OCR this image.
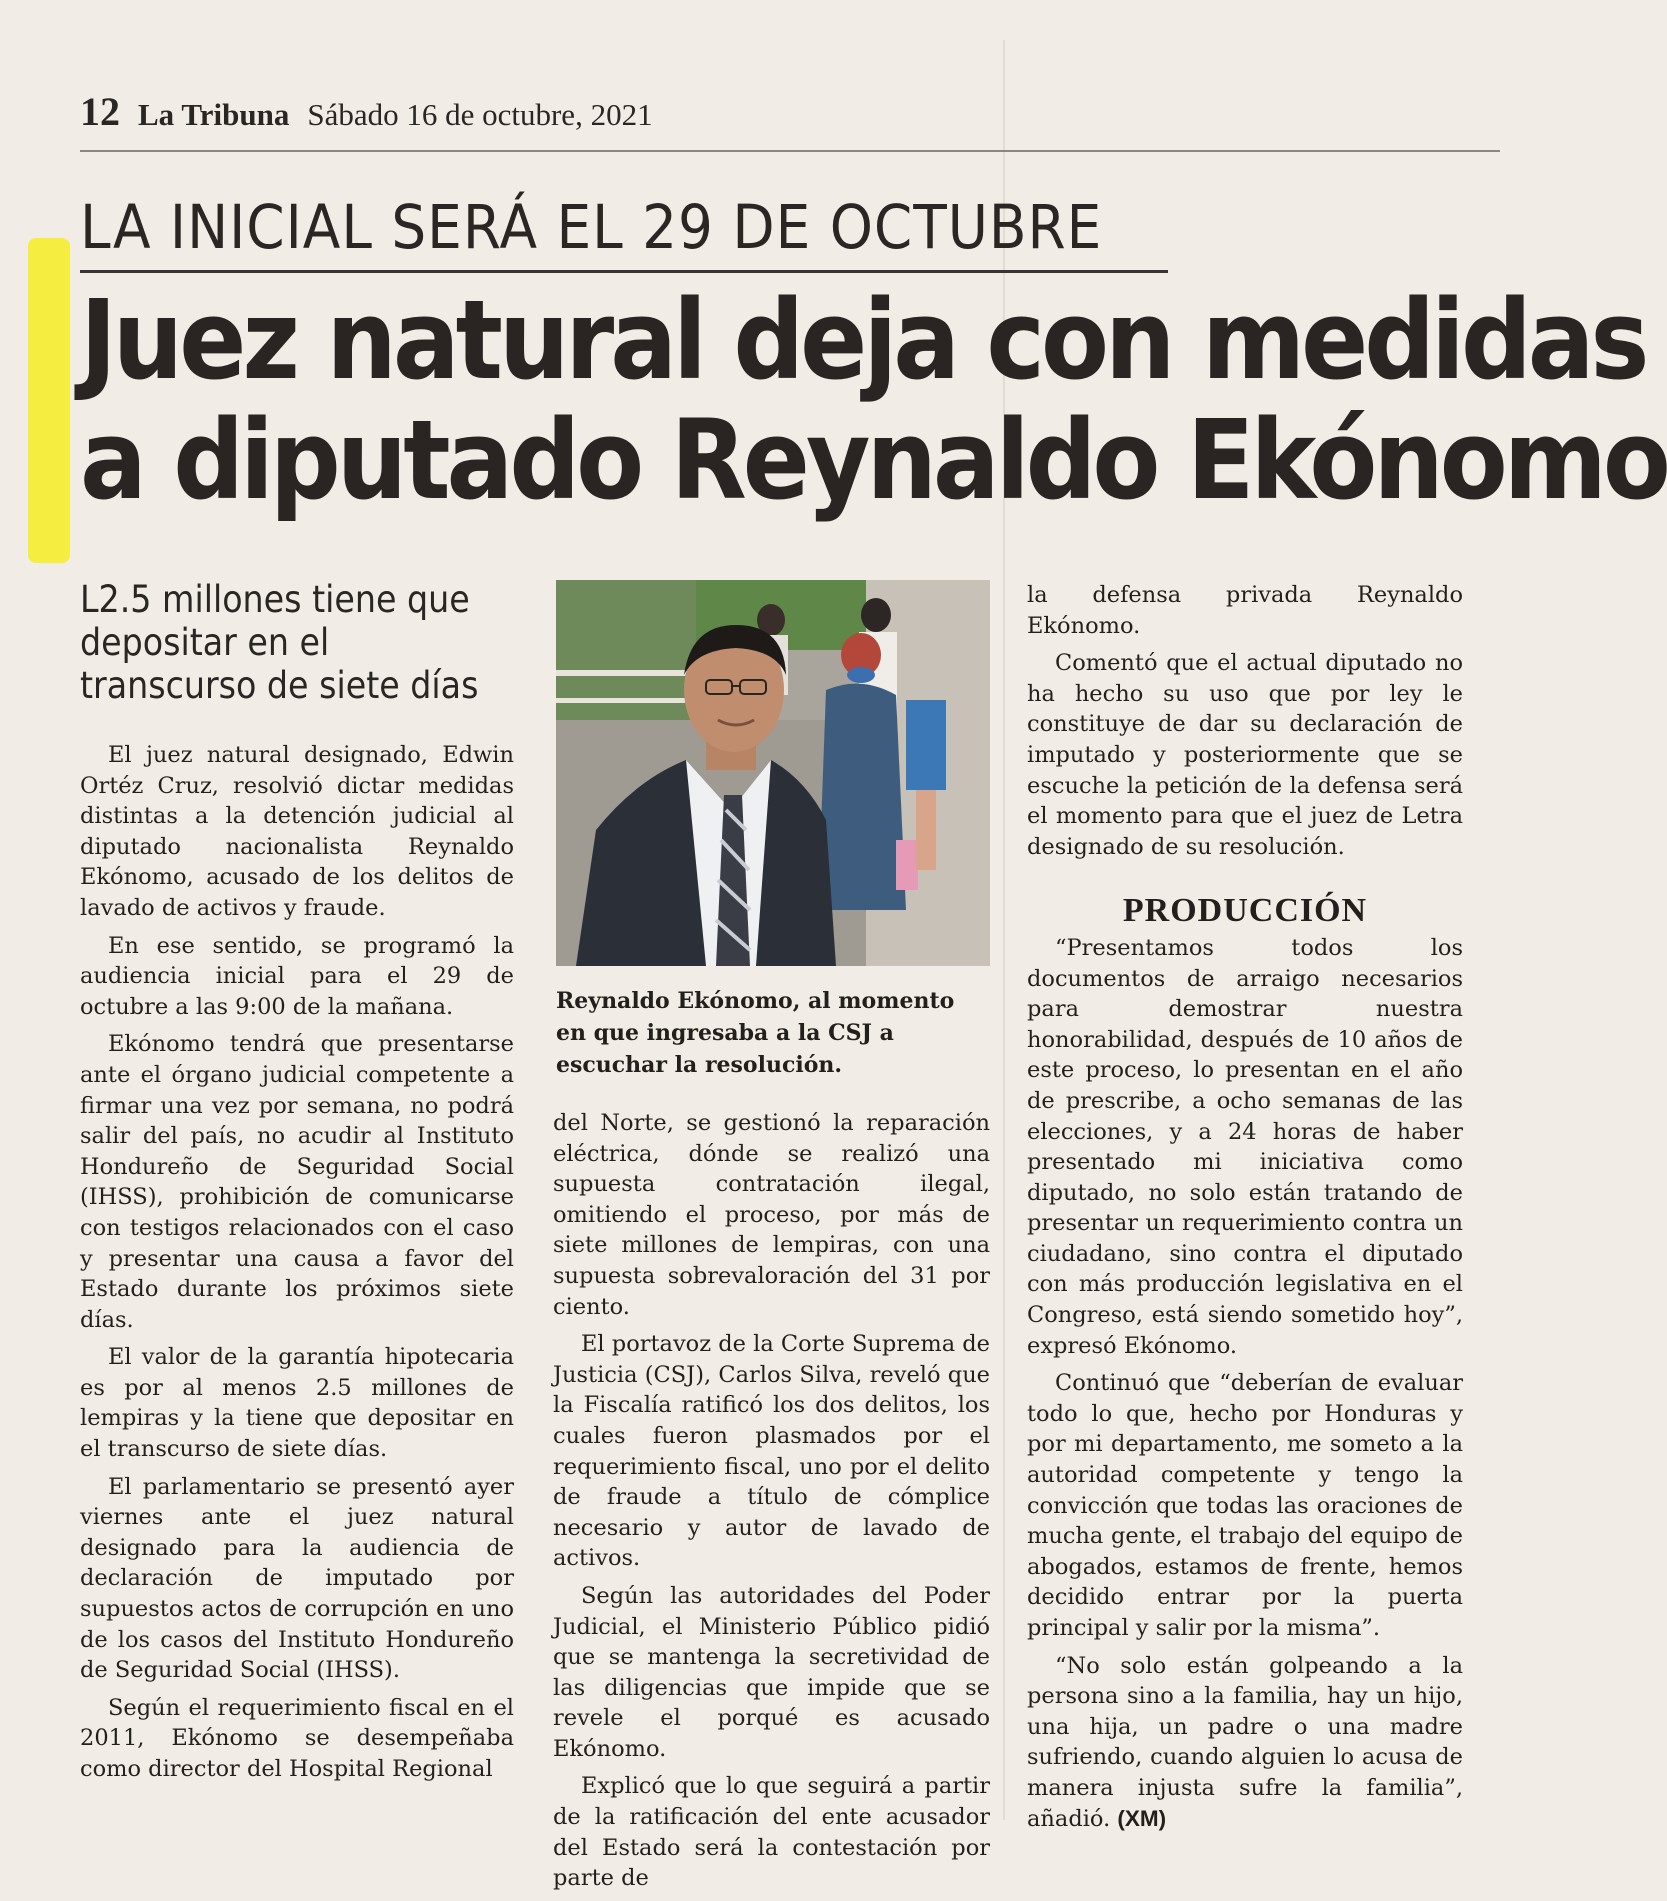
12 La Tribuna Sábado 16 de octubre, 2021
LA INICIAL SERÁ EL 29 DE OCTUBRE
Juez natural deja con medidas
a diputado Reynaldo Ekónomo
L2.5 millones tiene que depositar en el transcurso de siete días

El juez natural designado, Edwin Ortéz Cruz, resolvió dictar medidas distintas a la detención judicial al diputado nacionalista Reynaldo Ekónomo, acusado de los delitos de lavado de activos y fraude.

En ese sentido, se programó la audiencia inicial para el 29 de octubre a las 9:00 de la mañana.

Ekónomo tendrá que presentarse ante el órgano judicial competente a firmar una vez por semana, no podrá salir del país, no acudir al Instituto Hondureño de Seguridad Social (IHSS), prohibición de comunicarse con testigos relacionados con el caso y presentar una causa a favor del Estado durante los próximos siete días.

El valor de la garantía hipotecaria es por al menos 2.5 millones de lempiras y la tiene que depositar en el transcurso de siete días.

El parlamentario se presentó ayer viernes ante el juez natural designado para la audiencia de declaración de imputado por supuestos actos de corrupción en uno de los casos del Instituto Hondureño de Seguridad Social (IHSS).

Según el requerimiento fiscal en el 2011, Ekónomo se desempeñaba como director del Hospital Regional

Reynaldo Ekónomo, al momento en que ingresaba a la CSJ a escuchar la resolución.

del Norte, se gestionó la reparación eléctrica, dónde se realizó una supuesta contratación ilegal, omitiendo el proceso, por más de siete millones de lempiras, con una supuesta sobrevaloración del 31 por ciento.

El portavoz de la Corte Suprema de Justicia (CSJ), Carlos Silva, reveló que la Fiscalía ratificó los dos delitos, los cuales fueron plasmados por el requerimiento fiscal, uno por el delito de fraude a título de cómplice necesario y autor de lavado de activos.

Según las autoridades del Poder Judicial, el Ministerio Público pidió que se mantenga la secretividad de las diligencias que impide que se revele el porqué es acusado Ekónomo.

Explicó que lo que seguirá a partir de la ratificación del ente acusador del Estado será la contestación por parte de

la defensa privada Reynaldo Ekónomo.

Comentó que el actual diputado no ha hecho su uso que por ley le constituye de dar su declaración de imputado y posteriormente que se escuche la petición de la defensa será el momento para que el juez de Letra designado de su resolución.

PRODUCCIÓN

“Presentamos todos los documentos de arraigo necesarios para demostrar nuestra honorabilidad, después de 10 años de este proceso, lo presentan en el año de prescribe, a ocho semanas de las elecciones, y a 24 horas de haber presentado mi iniciativa como diputado, no solo están tratando de presentar un requerimiento contra un ciudadano, sino contra el diputado con más producción legislativa en el Congreso, está siendo sometido hoy”, expresó Ekónomo.

Continuó que “deberían de evaluar todo lo que, hecho por Honduras y por mi departamento, me someto a la autoridad competente y tengo la convicción que todas las oraciones de mucha gente, el trabajo del equipo de abogados, estamos de frente, hemos decidido entrar por la puerta principal y salir por la misma”.

“No solo están golpeando a la persona sino a la familia, hay un hijo, una hija, un padre o una madre sufriendo, cuando alguien lo acusa de manera injusta sufre la familia”, añadió. (XM)
